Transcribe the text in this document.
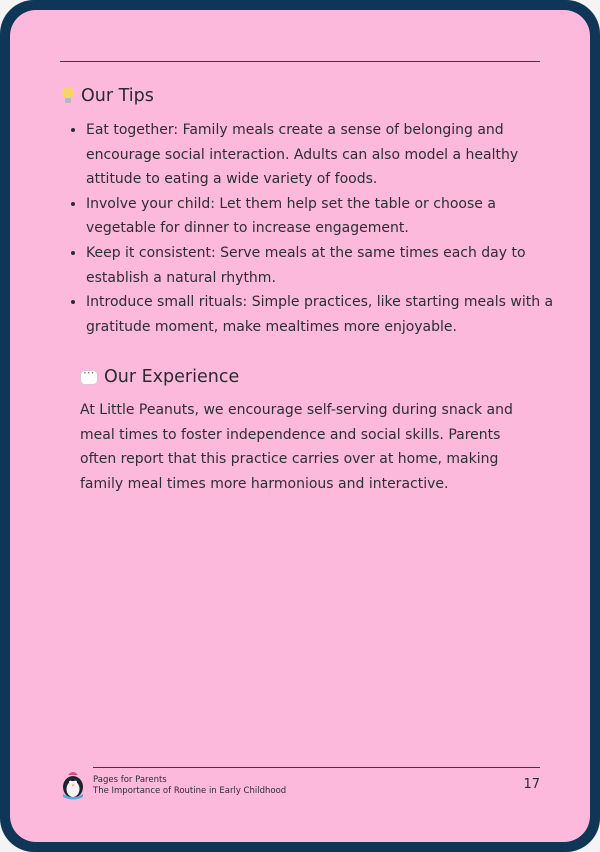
Our Tips
• Eat together: Family meals create a sense of belonging and encourage social interaction. Adults can also model a healthy attitude to eating a wide variety of foods.
• Involve your child: Let them help set the table or choose a vegetable for dinner to increase engagement.
• Keep it consistent: Serve meals at the same times each day to establish a natural rhythm.
• Introduce small rituals: Simple practices, like starting meals with a gratitude moment, make mealtimes more enjoyable.
···
Our Experience

At Little Peanuts, we encourage self-serving during snack and meal times to foster independence and social skills. Parents often report that this practice carries over at home, making family meal times more harmonious and interactive.

Pages for Parents
The Importance of Routine in Early Childhood	17
